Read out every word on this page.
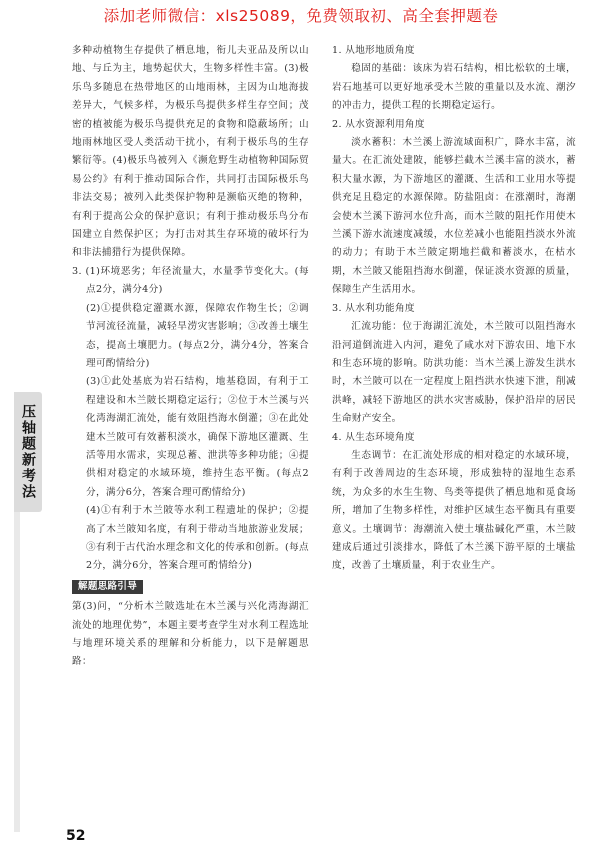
添加老师微信：xls25089，免费领取初、高全套押题卷
压轴题新考法

多种动植物生存提供了栖息地，衔儿夫亚品及所以山地、与丘为主，地势起伏大，生物多样性丰富。(3)极乐鸟多随息在热带地区的山地雨林，主因为山地海拔差异大，气候多样，为极乐鸟提供多样生存空间；茂密的植被能为极乐鸟提供充足的食物和隐蔽场所；山地雨林地区受人类活动干扰小，有利于极乐鸟的生存繁衍等。(4)极乐鸟被列入《濒危野生动植物种国际贸易公约》有利于推动国际合作，共同打击国际极乐鸟非法交易；被列入此类保护物种是濒临灭绝的物种，有利于提高公众的保护意识；有利于推动极乐鸟分布国建立自然保护区；为打击对其生存环境的破坏行为和非法捕猎行为提供保障。

3. (1)环境恶劣；年径流量大，水量季节变化大。(每点2分，满分4分)

(2)①提供稳定灌溉水源，保障农作物生长；②调节河流径流量，减轻旱涝灾害影响；③改善土壤生态，提高土壤肥力。(每点2分，满分4分，答案合理可酌情给分)

(3)①此处基底为岩石结构，地基稳固，有利于工程建设和木兰陂长期稳定运行；②位于木兰溪与兴化湾海湖汇流处，能有效阻挡海水倒灌；③在此处建木兰陂可有效蓄积淡水，确保下游地区灌溉、生活等用水需求，实现总蓄、泄洪等多种功能；④提供相对稳定的水域环境，维持生态平衡。(每点2分，满分6分，答案合理可酌情给分)

(4)①有利于木兰陂等水利工程遗址的保护；②提高了木兰陂知名度，有利于带动当地旅游业发展；③有利于古代治水理念和文化的传承和创新。(每点2分，满分6分，答案合理可酌情给分)

解题思路引导

第(3)问，“分析木兰陂选址在木兰溪与兴化湾海湖汇流处的地理优势”，本题主要考查学生对水利工程选址与地理环境关系的理解和分析能力，以下是解题思路：

1. 从地形地质角度

稳固的基础：该床为岩石结构，相比松软的土壤，岩石地基可以更好地承受木兰陂的重量以及水流、潮汐的冲击力，提供工程的长期稳定运行。

2. 从水资源利用角度

淡水蓄积：木兰溪上游流域面积广，降水丰富，流量大。在汇流处建陂，能够拦截木兰溪丰富的淡水，蓄积大量水源，为下游地区的灌溉、生活和工业用水等提供充足且稳定的水源保障。防盐阻卤：在涨潮时，海潮会使木兰溪下游河水位升高，而木兰陂的阻托作用使木兰溪下游水流速度减缓，水位差减小也能阻挡淡水外流的动力；有助于木兰陂定期地拦截和蓄淡水，在枯水期，木兰陂又能阻挡海水倒灌，保证淡水资源的质量，保障生产生活用水。

3. 从水利功能角度

汇流功能：位于海湖汇流处，木兰陂可以阻挡海水沿河道倒流进入内河，避免了咸水对下游农田、地下水和生态环境的影响。防洪功能：当木兰溪上游发生洪水时，木兰陂可以在一定程度上阻挡洪水快速下泄，削减洪峰，减轻下游地区的洪水灾害威胁，保护沿岸的居民生命财产安全。

4. 从生态环境角度

生态调节：在汇流处形成的相对稳定的水域环境，有利于改善周边的生态环境，形成独特的湿地生态系统，为众多的水生生物、鸟类等提供了栖息地和觅食场所，增加了生物多样性，对维护区域生态平衡具有重要意义。土壤调节：海潮流入使土壤盐碱化严重，木兰陂建成后通过引淡排水，降低了木兰溪下游平原的土壤盐度，改善了土壤质量，利于农业生产。

52
